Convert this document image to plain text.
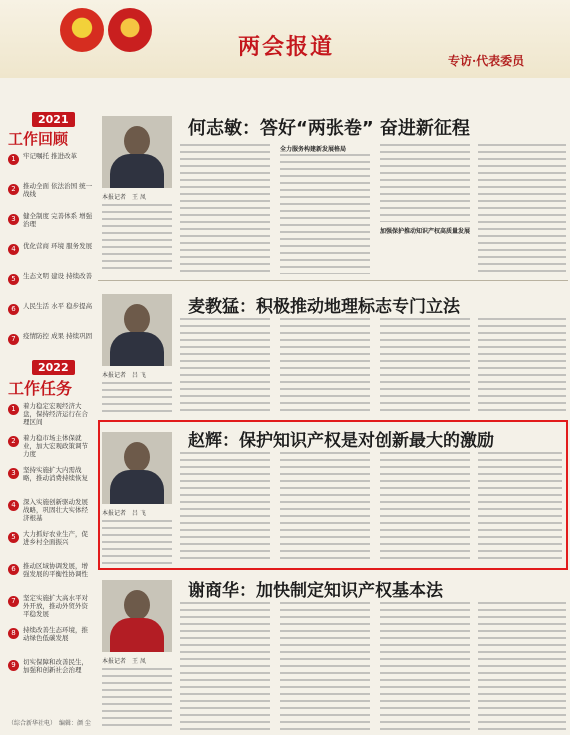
两会报道
专访·代表委员
2021
工作回顾
1	牢记嘱托 推进改革
2	推动全面 依法治国 统一战线
3	健全制度 完善体系 增强治理
4	优化营商 环境 服务发展
5	生态文明 建设 持续改善
6	人民生活 水平 稳步提高
7	疫情防控 成果 持续巩固
2022
工作任务
1	着力稳定宏观经济大盘，保持经济运行在合理区间
2	着力稳市场主体保就业，加大宏观政策调节力度
3	坚持实施扩大内需战略，推动消费持续恢复
4	深入实施创新驱动发展战略，巩固壮大实体经济根基
5	大力抓好农业生产，促进乡村全面振兴
6	推动区域协调发展，增强发展的平衡性协调性
7	坚定实施扩大高水平对外开放，推动外贸外资平稳发展
8	持续改善生态环境，推动绿色低碳发展
9	切实保障和改善民生，加强和创新社会治理
（综合新华社电）　编辑：颜 尘
何志敏：答好“两张卷” 奋进新征程
本报记者　王 凤
全力服务构建新发展格局
加强保护推动知识产权高质量发展
麦教猛：积极推动地理标志专门立法
本报记者　吕 飞
赵辉：保护知识产权是对创新最大的激励
本报记者　吕 飞
谢商华：加快制定知识产权基本法
本报记者　王 凤
